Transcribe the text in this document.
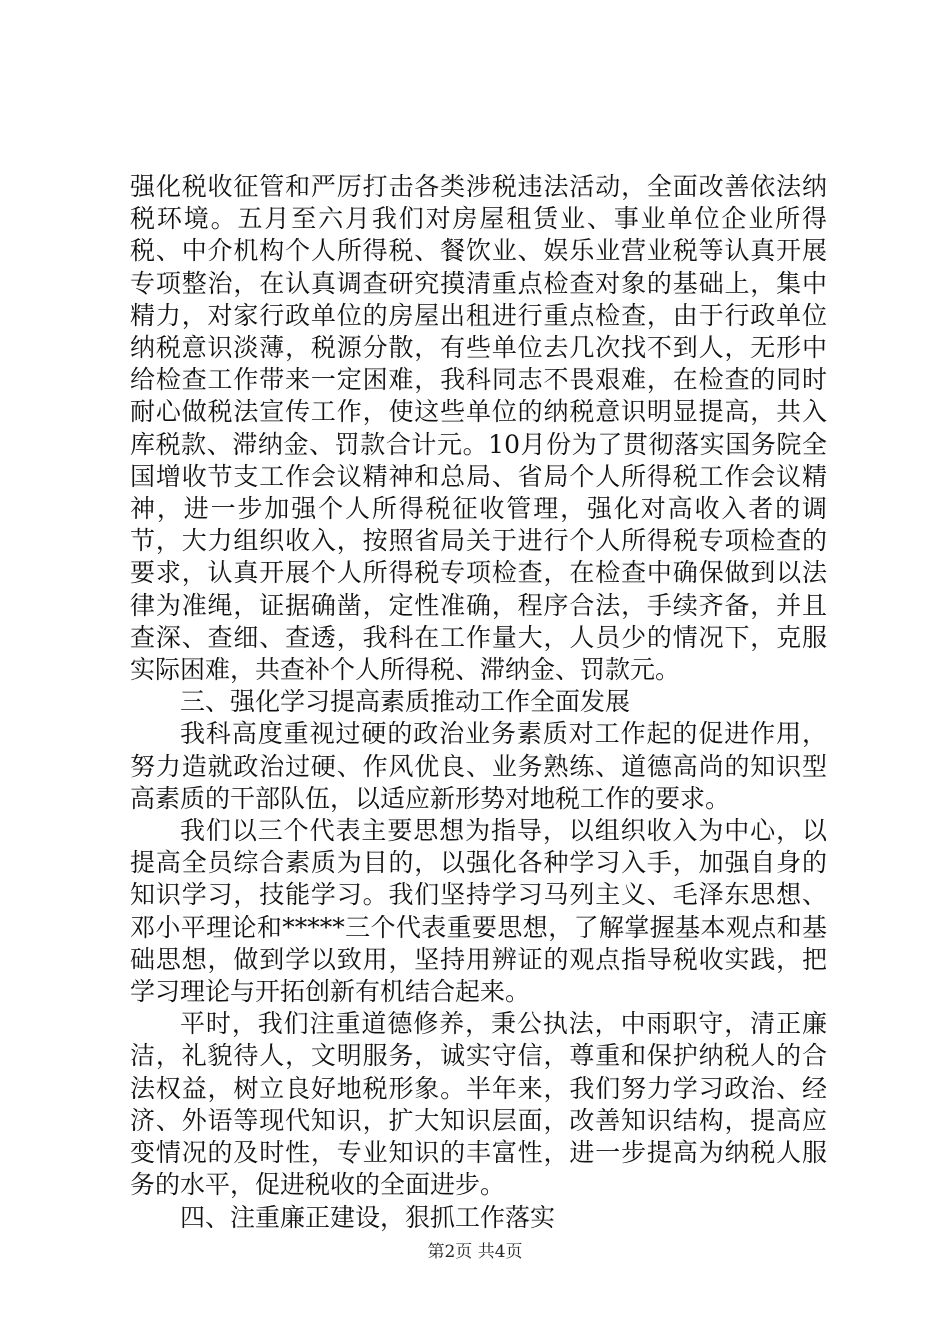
强化税收征管和严厉打击各类涉税违法活动，全面改善依法纳税环境。五月至六月我们对房屋租赁业、事业单位企业所得税、中介机构个人所得税、餐饮业、娱乐业营业税等认真开展专项整治，在认真调查研究摸清重点检查对象的基础上，集中精力，对家行政单位的房屋出租进行重点检查，由于行政单位纳税意识淡薄，税源分散，有些单位去几次找不到人，无形中给检查工作带来一定困难，我科同志不畏艰难，在检查的同时耐心做税法宣传工作，使这些单位的纳税意识明显提高，共入库税款、滞纳金、罚款合计元。10月份为了贯彻落实国务院全国增收节支工作会议精神和总局、省局个人所得税工作会议精神，进一步加强个人所得税征收管理，强化对高收入者的调节，大力组织收入，按照省局关于进行个人所得税专项检查的要求，认真开展个人所得税专项检查，在检查中确保做到以法律为准绳，证据确凿，定性准确，程序合法，手续齐备，并且查深、查细、查透，我科在工作量大，人员少的情况下，克服实际困难，共查补个人所得税、滞纳金、罚款元。

三、强化学习提高素质推动工作全面发展

我科高度重视过硬的政治业务素质对工作起的促进作用，努力造就政治过硬、作风优良、业务熟练、道德高尚的知识型高素质的干部队伍，以适应新形势对地税工作的要求。

我们以三个代表主要思想为指导，以组织收入为中心，以提高全员综合素质为目的，以强化各种学习入手，加强自身的知识学习，技能学习。我们坚持学习马列主义、毛泽东思想、邓小平理论和*****三个代表重要思想，了解掌握基本观点和基础思想，做到学以致用，坚持用辨证的观点指导税收实践，把学习理论与开拓创新有机结合起来。

平时，我们注重道德修养，秉公执法，中雨职守，清正廉洁，礼貌待人，文明服务，诚实守信，尊重和保护纳税人的合法权益，树立良好地税形象。半年来，我们努力学习政治、经济、外语等现代知识，扩大知识层面，改善知识结构，提高应变情况的及时性，专业知识的丰富性，进一步提高为纳税人服务的水平，促进税收的全面进步。

四、注重廉正建设，狠抓工作落实

第2页 共4页
